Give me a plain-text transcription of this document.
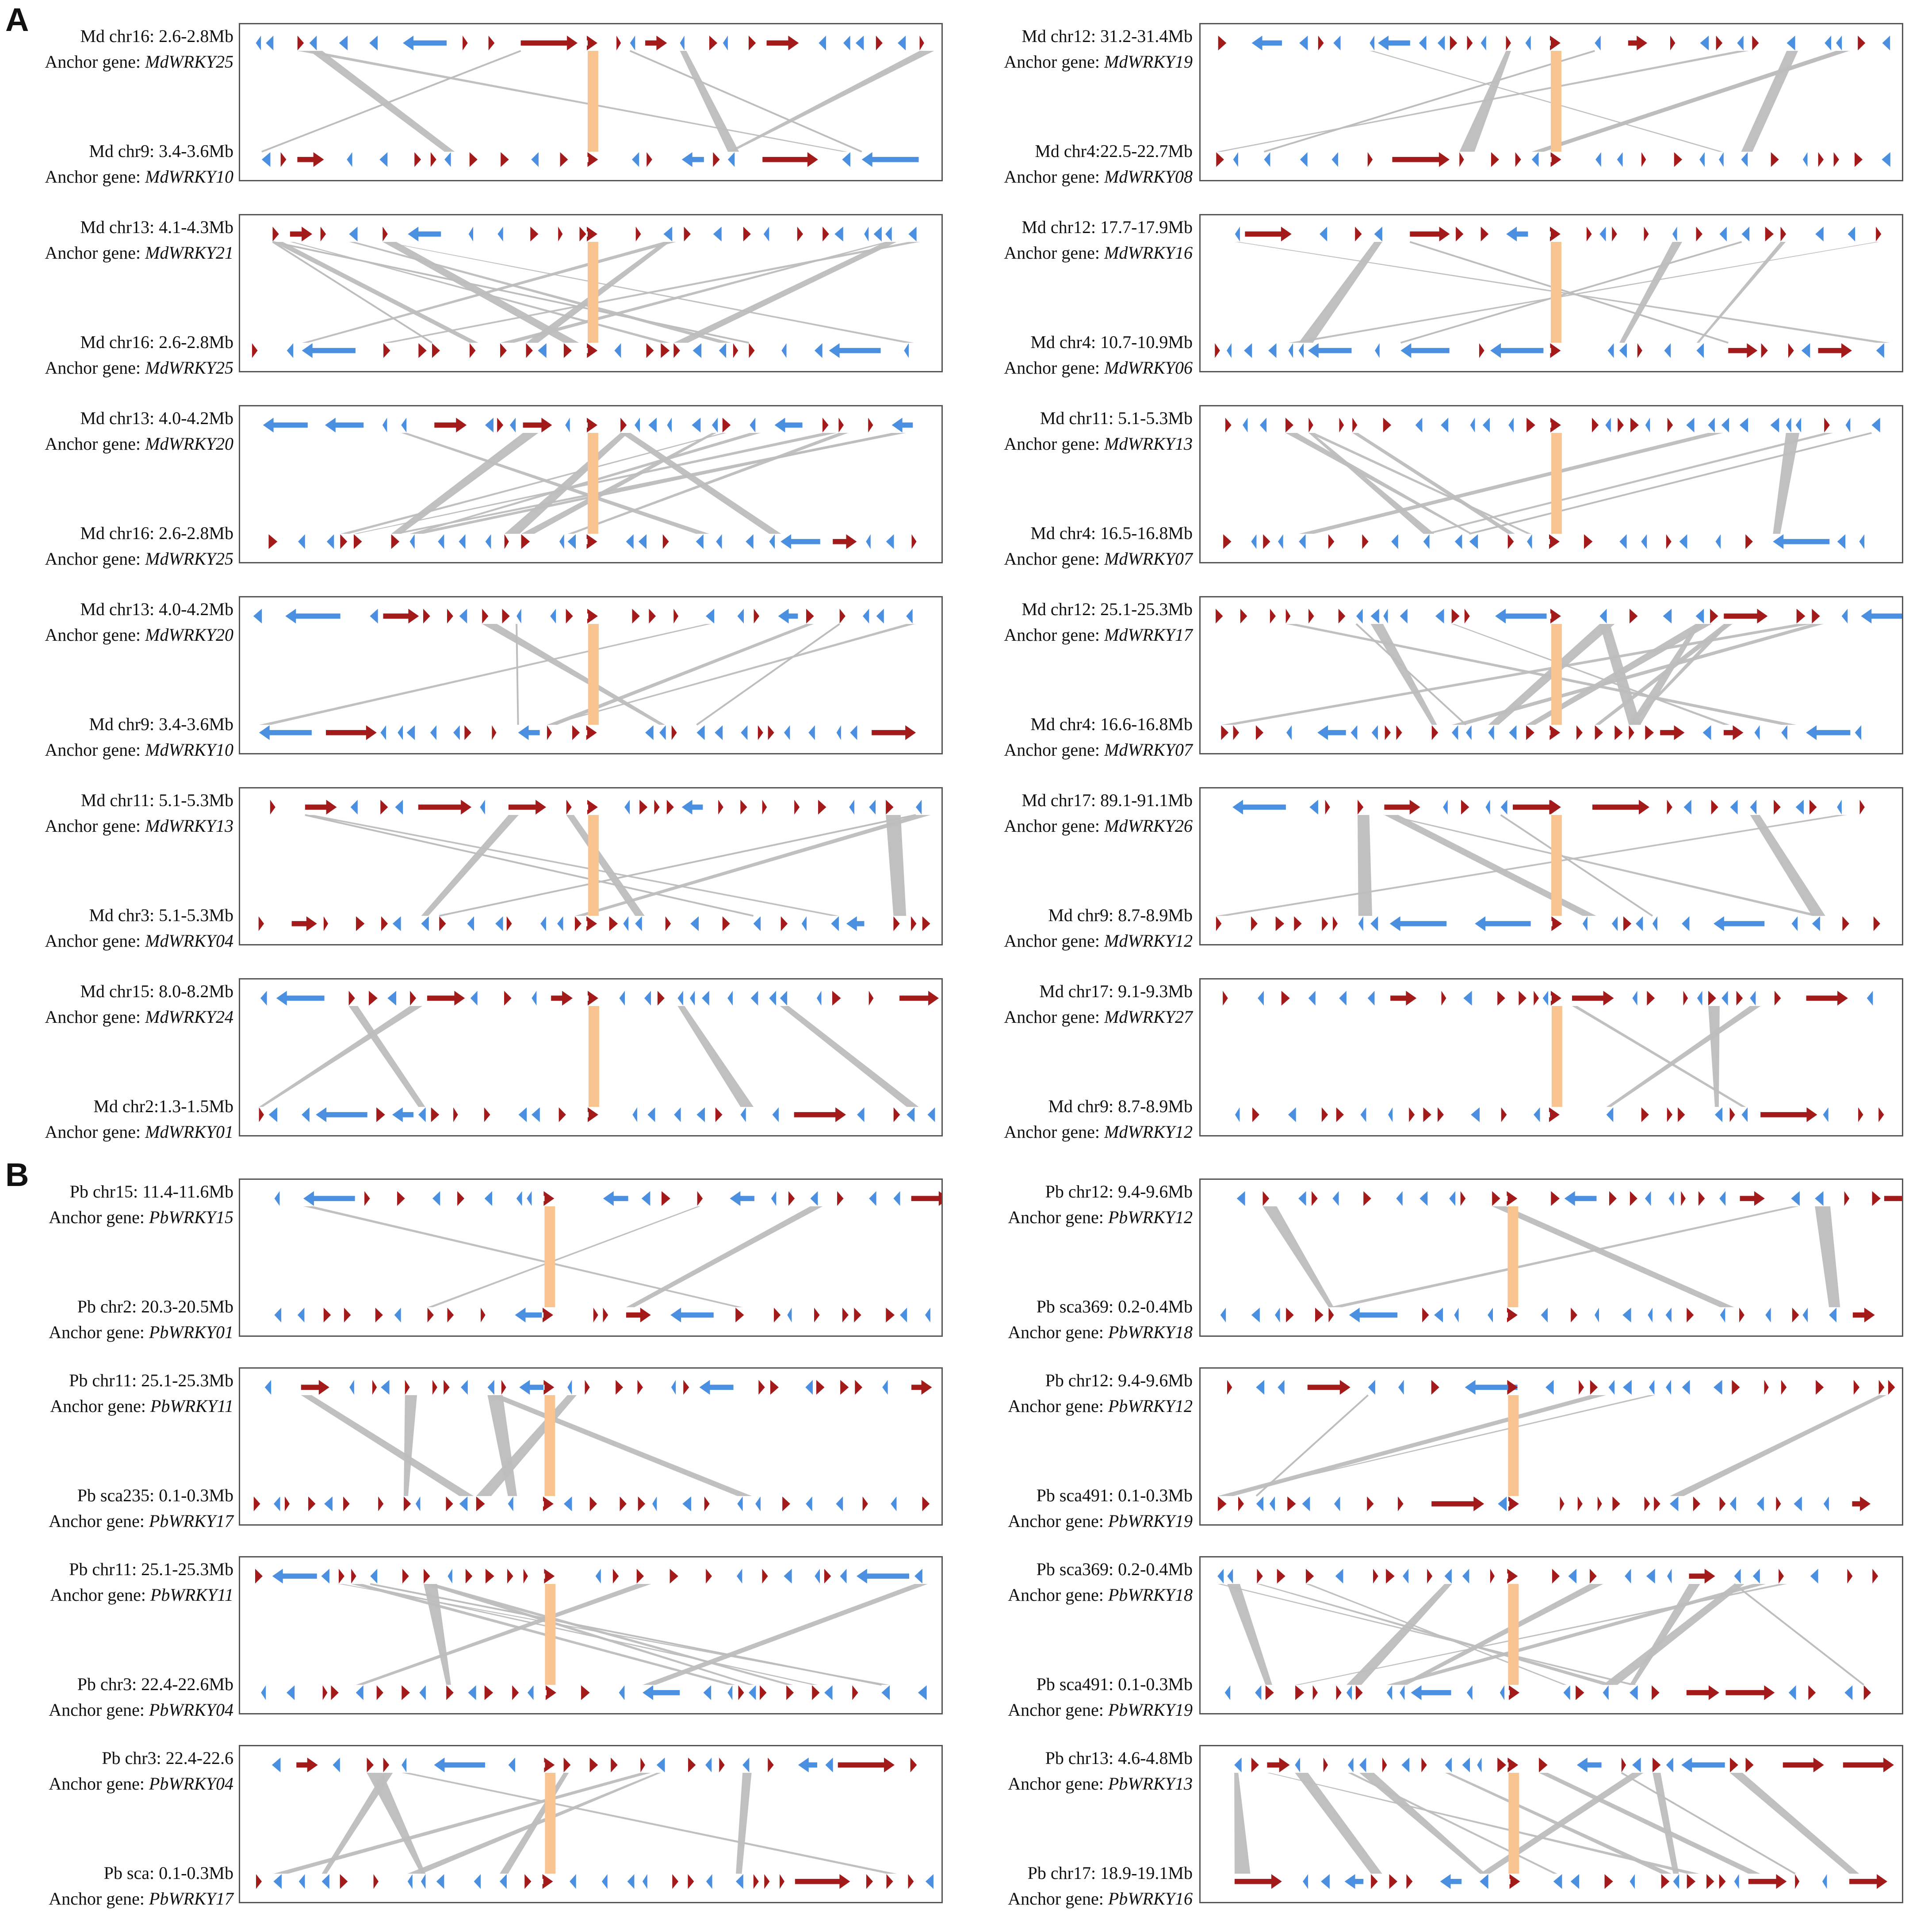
A	Md chr16: 2.6-2.8Mb
Anchor gene: MdWRKY25
Md chr9: 3.4-3.6Mb
Anchor gene: MdWRKY10
Md chr13: 4.1-4.3Mb
Anchor gene: MdWRKY21
Md chr16: 2.6-2.8Mb
Anchor gene: MdWRKY25
Md chr13: 4.0-4.2Mb
Anchor gene: MdWRKY20
Md chr16: 2.6-2.8Mb
Anchor gene: MdWRKY25
Md chr13: 4.0-4.2Mb
Anchor gene: MdWRKY20
Md chr9: 3.4-3.6Mb
Anchor gene: MdWRKY10
Md chr11: 5.1-5.3Mb
Anchor gene: MdWRKY13
Md chr3: 5.1-5.3Mb
Anchor gene: MdWRKY04
Md chr15: 8.0-8.2Mb
Anchor gene: MdWRKY24
Md chr2:1.3-1.5Mb
Anchor gene: MdWRKY01
Md chr12: 31.2-31.4Mb
Anchor gene: MdWRKY19
Md chr4:22.5-22.7Mb
Anchor gene: MdWRKY08
Md chr12: 17.7-17.9Mb
Anchor gene: MdWRKY16
Md chr4: 10.7-10.9Mb
Anchor gene: MdWRKY06
Md chr11: 5.1-5.3Mb
Anchor gene: MdWRKY13
Md chr4: 16.5-16.8Mb
Anchor gene: MdWRKY07
Md chr12: 25.1-25.3Mb
Anchor gene: MdWRKY17
Md chr4: 16.6-16.8Mb
Anchor gene: MdWRKY07
Md chr17: 89.1-91.1Mb
Anchor gene: MdWRKY26
Md chr9: 8.7-8.9Mb
Anchor gene: MdWRKY12
Md chr17: 9.1-9.3Mb
Anchor gene: MdWRKY27
Md chr9: 8.7-8.9Mb
Anchor gene: MdWRKY12
B Pb chr15: 11.4-11.6Mb
Anchor gene: PbWRKY15
Pb chr2: 20.3-20.5Mb
Anchor gene: PbWRKY01
Pb chr11: 25.1-25.3Mb
Anchor gene: PbWRKY11
Pb sca235: 0.1-0.3Mb
Anchor gene: PbWRKY17
Pb chr11: 25.1-25.3Mb
Anchor gene: PbWRKY11
Pb chr3: 22.4-22.6Mb
Anchor gene: PbWRKY04
Pb chr3: 22.4-22.6
Anchor gene: PbWRKY04
Pb sca: 0.1-0.3Mb
Anchor gene: PbWRKY17
Pb chr12: 9.4-9.6Mb
Anchor gene: PbWRKY12
Pb sca369: 0.2-0.4Mb
Anchor gene: PbWRKY18
Pb chr12: 9.4-9.6Mb
Anchor gene: PbWRKY12
Pb sca491: 0.1-0.3Mb
Anchor gene: PbWRKY19
Pb sca369: 0.2-0.4Mb
Anchor gene: PbWRKY18
Pb sca491: 0.1-0.3Mb
Anchor gene: PbWRKY19
Pb chr13: 4.6-4.8Mb
Anchor gene: PbWRKY13
Pb chr17: 18.9-19.1Mb
Anchor gene: PbWRKY16
